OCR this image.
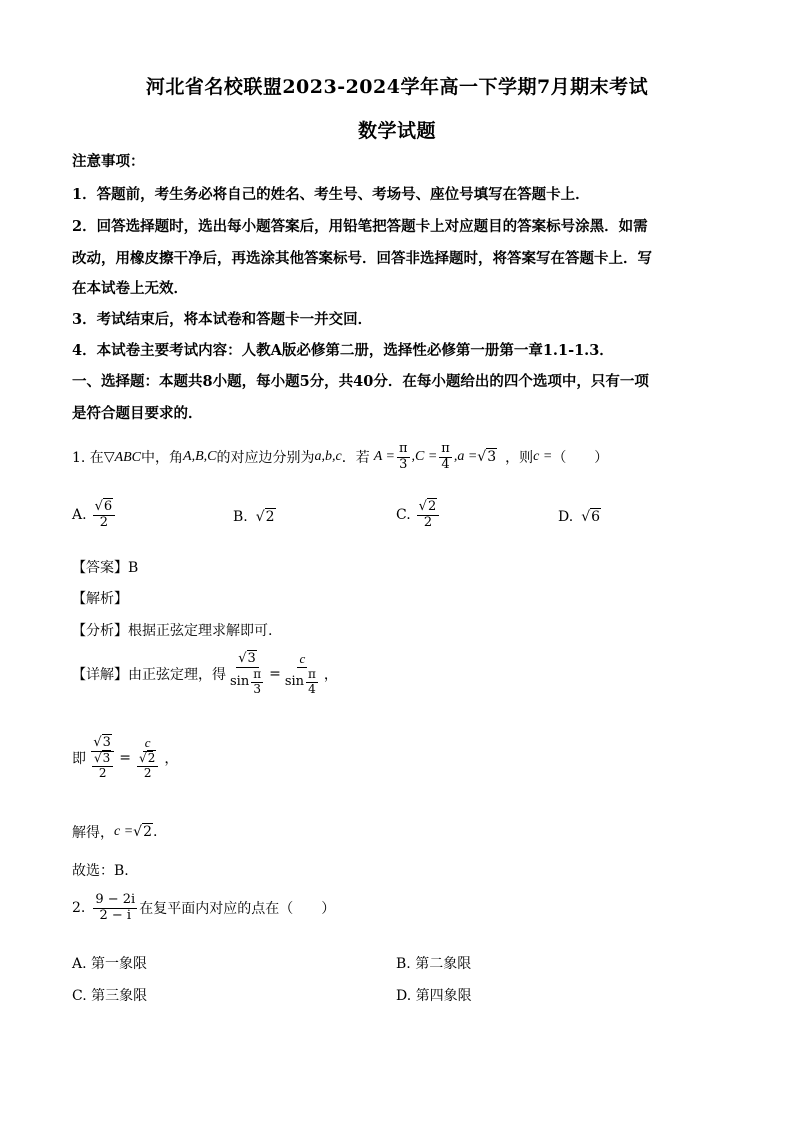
河北省名校联盟2023-2024学年高一下学期7月期末考试
数学试题
注意事项：
1．答题前，考生务必将自己的姓名、考生号、考场号、座位号填写在答题卡上．
2．回答选择题时，选出每小题答案后，用铅笔把答题卡上对应题目的答案标号涂黑．如需
改动，用橡皮擦干净后，再选涂其他答案标号．回答非选择题时，将答案写在答题卡上．写
在本试卷上无效．
3．考试结束后，将本试卷和答题卡一并交回．
4．本试卷主要考试内容：人教A版必修第二册，选择性必修第一册第一章1.1-1.3．
一、选择题：本题共8小题，每小题5分，共40分．在每小题给出的四个选项中，只有一项
是符合题目要求的．
1. 在 ▽ABC 中，角 A,B,C 的对应边分别为 a,b,c ．若 $A = \frac{\pi}{3} ,C = \frac{\pi}{4} ,a = √3$ ，则 c = （　　）
A. $\frac{√6}{2}$	B. √2	C. $\frac{√2}{2}$	D. √6
【答案】B
【解析】
【分析】根据正弦定理求解即可.
【详解】 由正弦定理，得 $\frac{√3}{\sin \frac{\pi}{3}} = \frac{c}{\sin \frac{\pi}{4}}$ ，
即 $\frac{√3}{\frac{√3}{2}} = \frac{c}{\frac{√2}{2}}$ ，
解得， c = √2 .
故选：B.
2. $\frac{9 - 2i}{2 - i}$ 在复平面内对应的点在（　　）
A. 第一象限	B. 第二象限
C. 第三象限	D. 第四象限
